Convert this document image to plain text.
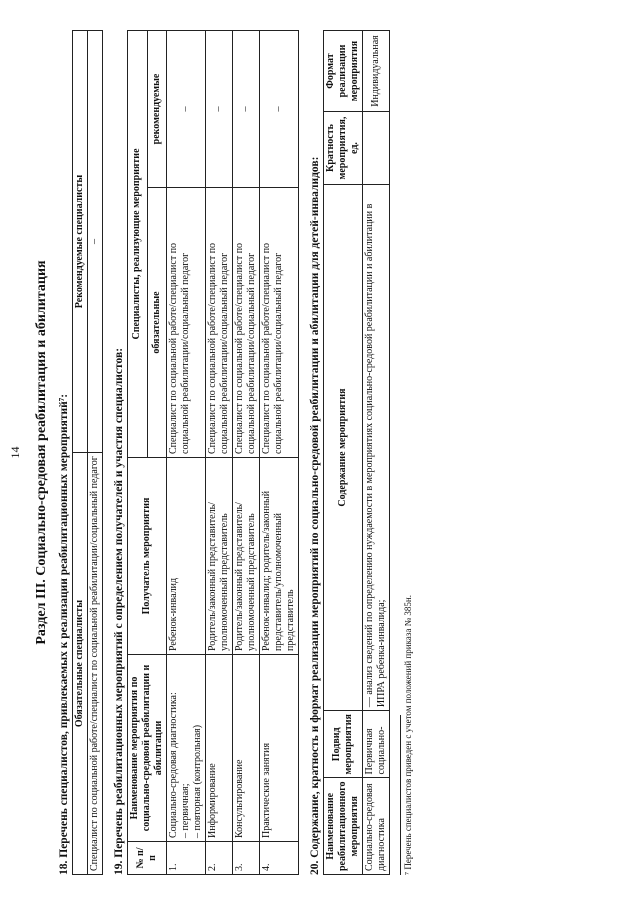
14 Раздел III. Социально-средовая реабилитация и абилитация 18. Перечень специалистов, привлекаемых к реализации реабилитационных мероприятий⁷: Обязательные специалисты	Рекомендуемые специалисты
Специалист по социальной работе/специалист по социальной реабилитации/социальный педагог	–
19. Перечень реабилитационных мероприятий с определением получателей и участия специалистов: № п/п	Наименование мероприятия по социально-средовой реабилитации и абилитации	Получатель мероприятия	Специалисты, реализующие мероприятие	
			обязательные	рекомендуемые
1.	Социально-средовая диагностика: – первичная; – повторная (контрольная)	Ребенок-инвалид	Специалист по социальной работе/специалист по социальной реабилитации/социальный педагог	–
2.	Информирование	Родитель/законный представитель/уполномоченный представитель	Специалист по социальной работе/специалист по социальной реабилитации/социальный педагог	–
3.	Консультирование	Родитель/законный представитель/уполномоченный представитель	Специалист по социальной работе/специалист по социальной реабилитации/социальный педагог	–
4.	Практические занятия	Ребенок-инвалид; родитель/законный представитель/уполномоченный представитель	Специалист по социальной работе/специалист по социальной реабилитации/социальный педагог	–
20. Содержание, кратность и формат реализации мероприятий по социально-средовой реабилитации и абилитации для детей-инвалидов: Наименование реабилитационного мероприятия	Подвид мероприятия	Содержание мероприятия	Кратность мероприятия, ед.	Формат реализации мероприятия
Социально-средовая диагностика	Первичная социально-	— анализ сведений по определению нуждаемости в мероприятиях социально-средовой реабилитации и абилитации в ИПРА ребенка-инвалида;		Индивидуальная
⁷ Перечень специалистов приведен с учетом положений приказа № 385н.
